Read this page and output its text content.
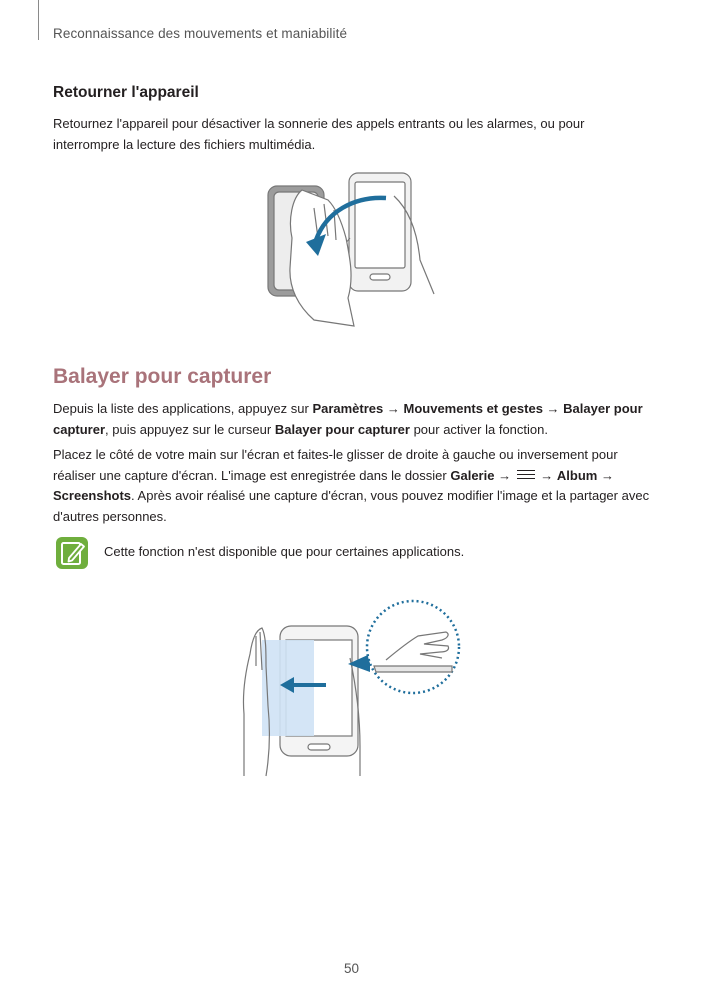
Reconnaissance des mouvements et maniabilité
Retourner l'appareil

Retournez l'appareil pour désactiver la sonnerie des appels entrants ou les alarmes, ou pour interrompre la lecture des fichiers multimédia.

Balayer pour capturer

Depuis la liste des applications, appuyez sur Paramètres → Mouvements et gestes → Balayer pour capturer, puis appuyez sur le curseur Balayer pour capturer pour activer la fonction.

Placez le côté de votre main sur l'écran et faites-le glisser de droite à gauche ou inversement pour réaliser une capture d'écran. L'image est enregistrée dans le dossier Galerie →
→ Album → Screenshots. Après avoir réalisé une capture d'écran, vous pouvez modifier l'image et la partager avec d'autres personnes.

Cette fonction n'est disponible que pour certaines applications.
50
